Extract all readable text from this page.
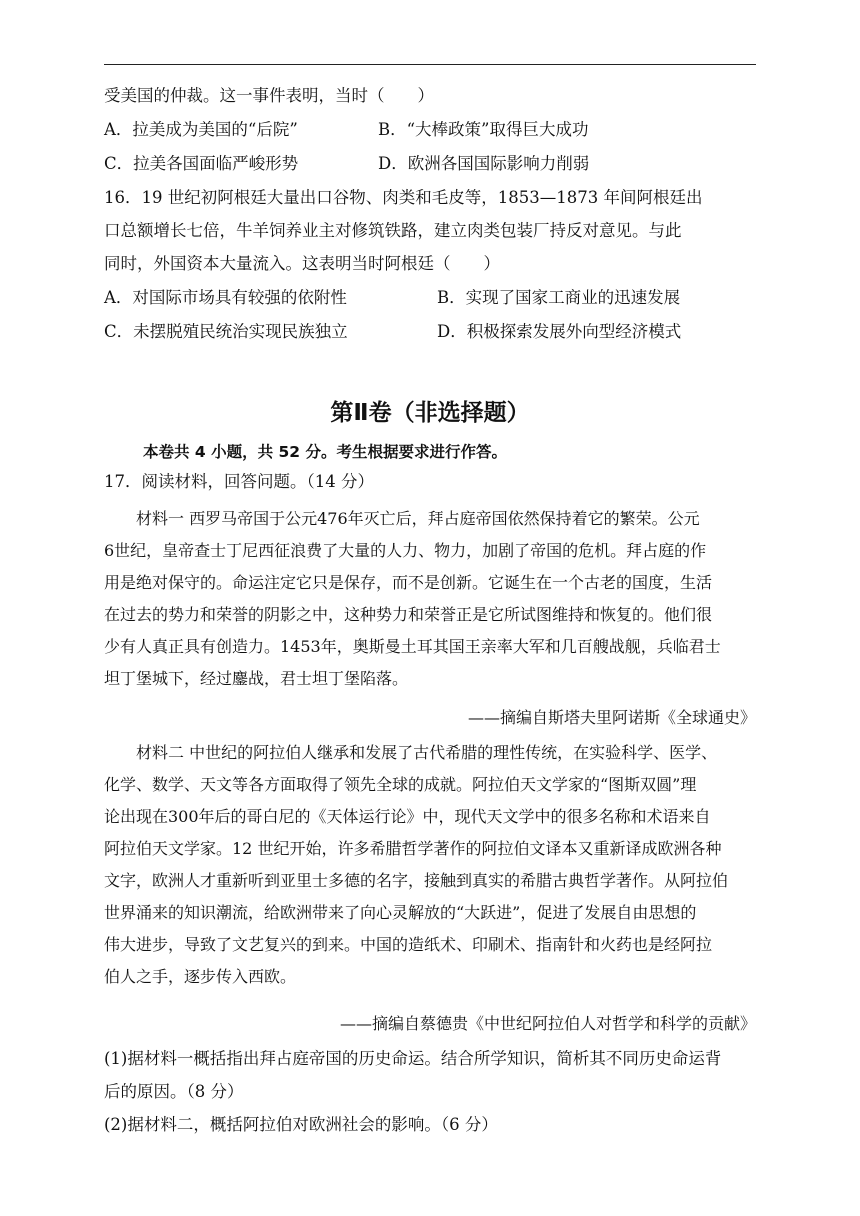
受美国的仲裁。这一事件表明，当时（　　）
A．拉美成为美国的“后院”	B．“大棒政策”取得巨大成功
C．拉美各国面临严峻形势	D．欧洲各国国际影响力削弱
16．19 世纪初阿根廷大量出口谷物、肉类和毛皮等，1853—1873 年间阿根廷出
口总额增长七倍，牛羊饲养业主对修筑铁路，建立肉类包装厂持反对意见。与此
同时，外国资本大量流入。这表明当时阿根廷（　　）
A．对国际市场具有较强的依附性	B．实现了国家工商业的迅速发展
C．未摆脱殖民统治实现民族独立	D．积极探索发展外向型经济模式
第Ⅱ卷（非选择题）
本卷共 4 小题，共 52 分。考生根据要求进行作答。
17．阅读材料，回答问题。（14 分）
材料一 西罗马帝国于公元476年灭亡后，拜占庭帝国依然保持着它的繁荣。公元
6世纪，皇帝查士丁尼西征浪费了大量的人力、物力，加剧了帝国的危机。拜占庭的作
用是绝对保守的。命运注定它只是保存，而不是创新。它诞生在一个古老的国度，生活
在过去的势力和荣誉的阴影之中，这种势力和荣誉正是它所试图维持和恢复的。他们很
少有人真正具有创造力。1453年，奥斯曼土耳其国王亲率大军和几百艘战舰，兵临君士
坦丁堡城下，经过鏖战，君士坦丁堡陷落。
——摘编自斯塔夫里阿诺斯《全球通史》
材料二 中世纪的阿拉伯人继承和发展了古代希腊的理性传统，在实验科学、医学、
化学、数学、天文等各方面取得了领先全球的成就。阿拉伯天文学家的“图斯双圆”理
论出现在300年后的哥白尼的《天体运行论》中，现代天文学中的很多名称和术语来自
阿拉伯天文学家。12 世纪开始，许多希腊哲学著作的阿拉伯文译本又重新译成欧洲各种
文字，欧洲人才重新听到亚里士多德的名字，接触到真实的希腊古典哲学著作。从阿拉伯
世界涌来的知识潮流，给欧洲带来了向心灵解放的“大跃进”，促进了发展自由思想的
伟大进步，导致了文艺复兴的到来。中国的造纸术、印刷术、指南针和火药也是经阿拉
伯人之手，逐步传入西欧。
——摘编自蔡德贵《中世纪阿拉伯人对哲学和科学的贡献》
(1)据材料一概括指出拜占庭帝国的历史命运。结合所学知识，简析其不同历史命运背
后的原因。（8 分）
(2)据材料二，概括阿拉伯对欧洲社会的影响。（6 分）
